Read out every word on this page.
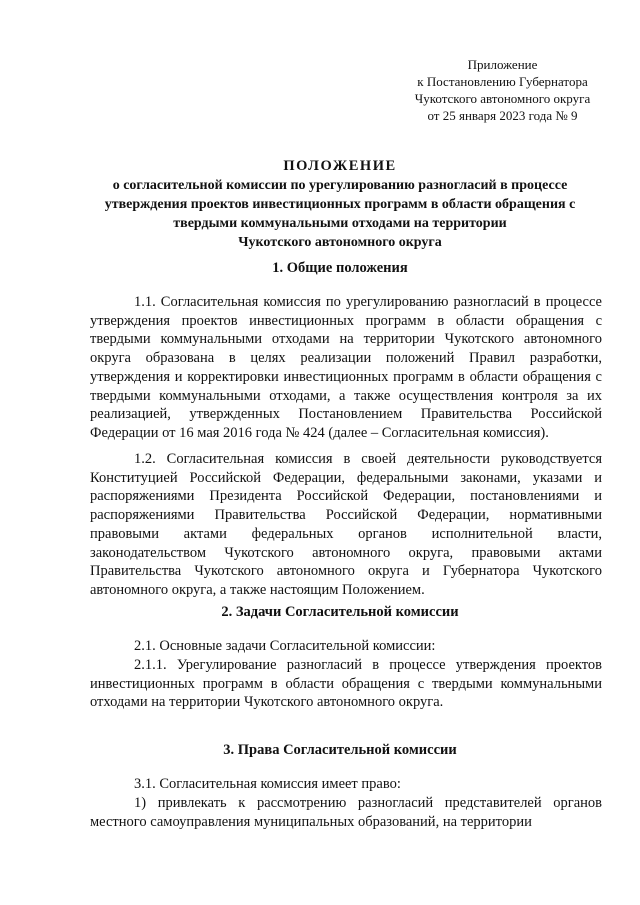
Приложение
к Постановлению Губернатора
Чукотского автономного округа
от 25 января 2023 года № 9
ПОЛОЖЕНИЕ
о согласительной комиссии по урегулированию разногласий в процессе
утверждения проектов инвестиционных программ в области обращения с
твердыми коммунальными отходами на территории
Чукотского автономного округа
1. Общие положения

1.1. Согласительная комиссия по урегулированию разногласий в процессе утверждения проектов инвестиционных программ в области обращения с твердыми коммунальными отходами на территории Чукотского автономного округа образована в целях реализации положений Правил разработки, утверждения и корректировки инвестиционных программ в области обращения с твердыми коммунальными отходами, а также осуществления контроля за их реализацией, утвержденных Постановлением Правительства Российской Федерации от 16 мая 2016 года № 424 (далее – Согласительная комиссия).

1.2. Согласительная комиссия в своей деятельности руководствуется Конституцией Российской Федерации, федеральными законами, указами и распоряжениями Президента Российской Федерации, постановлениями и распоряжениями Правительства Российской Федерации, нормативными правовыми актами федеральных органов исполнительной власти, законодательством Чукотского автономного округа, правовыми актами Правительства Чукотского автономного округа и Губернатора Чукотского автономного округа, а также настоящим Положением.

2. Задачи Согласительной комиссии

2.1. Основные задачи Согласительной комиссии:

2.1.1. Урегулирование разногласий в процессе утверждения проектов инвестиционных программ в области обращения с твердыми коммунальными отходами на территории Чукотского автономного округа.

3. Права Согласительной комиссии

3.1. Согласительная комиссия имеет право:

1) привлекать к рассмотрению разногласий представителей органов местного самоуправления муниципальных образований, на территории
